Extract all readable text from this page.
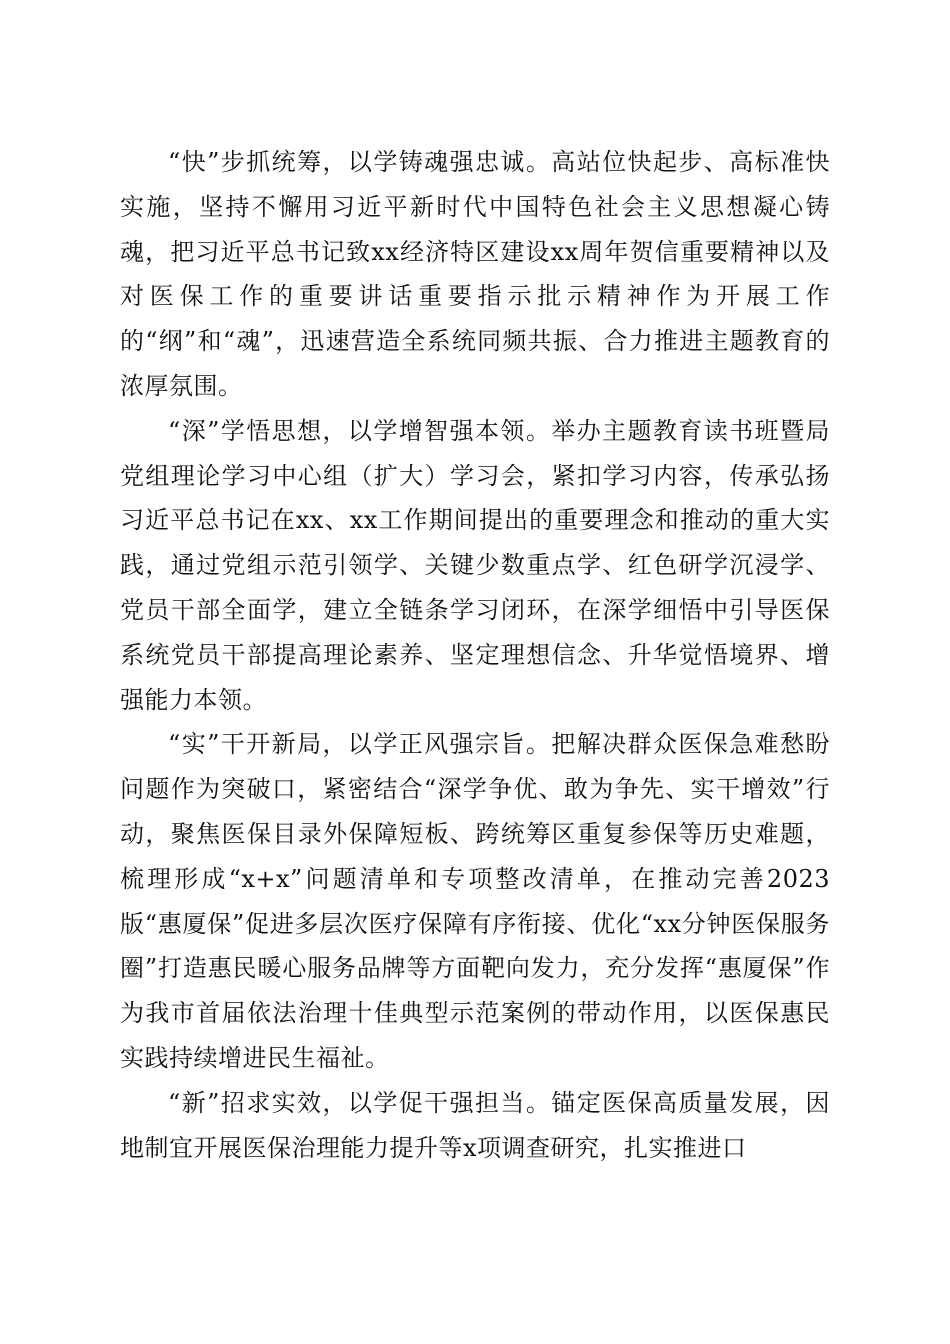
“快”步抓统筹，以学铸魂强忠诚。高站位快起步、高标准快实施，坚持不懈用习近平新时代中国特色社会主义思想凝心铸魂，把习近平总书记致xx经济特区建设xx周年贺信重要精神以及对医保工作的重要讲话重要指示批示精神作为开展工作的“纲”和“魂”，迅速营造全系统同频共振、合力推进主题教育的浓厚氛围。

“深”学悟思想，以学增智强本领。举办主题教育读书班暨局党组理论学习中心组（扩大）学习会，紧扣学习内容，传承弘扬习近平总书记在xx、xx工作期间提出的重要理念和推动的重大实践，通过党组示范引领学、关键少数重点学、红色研学沉浸学、党员干部全面学，建立全链条学习闭环，在深学细悟中引导医保系统党员干部提高理论素养、坚定理想信念、升华觉悟境界、增强能力本领。

“实”干开新局，以学正风强宗旨。把解决群众医保急难愁盼问题作为突破口，紧密结合“深学争优、敢为争先、实干增效”行动，聚焦医保目录外保障短板、跨统筹区重复参保等历史难题，梳理形成“x+x”问题清单和专项整改清单，在推动完善2023版“惠厦保”促进多层次医疗保障有序衔接、优化“xx分钟医保服务圈”打造惠民暖心服务品牌等方面靶向发力，充分发挥“惠厦保”作为我市首届依法治理十佳典型示范案例的带动作用，以医保惠民实践持续增进民生福祉。

“新”招求实效，以学促干强担当。锚定医保高质量发展，因地制宜开展医保治理能力提升等x项调查研究，扎实推进口
